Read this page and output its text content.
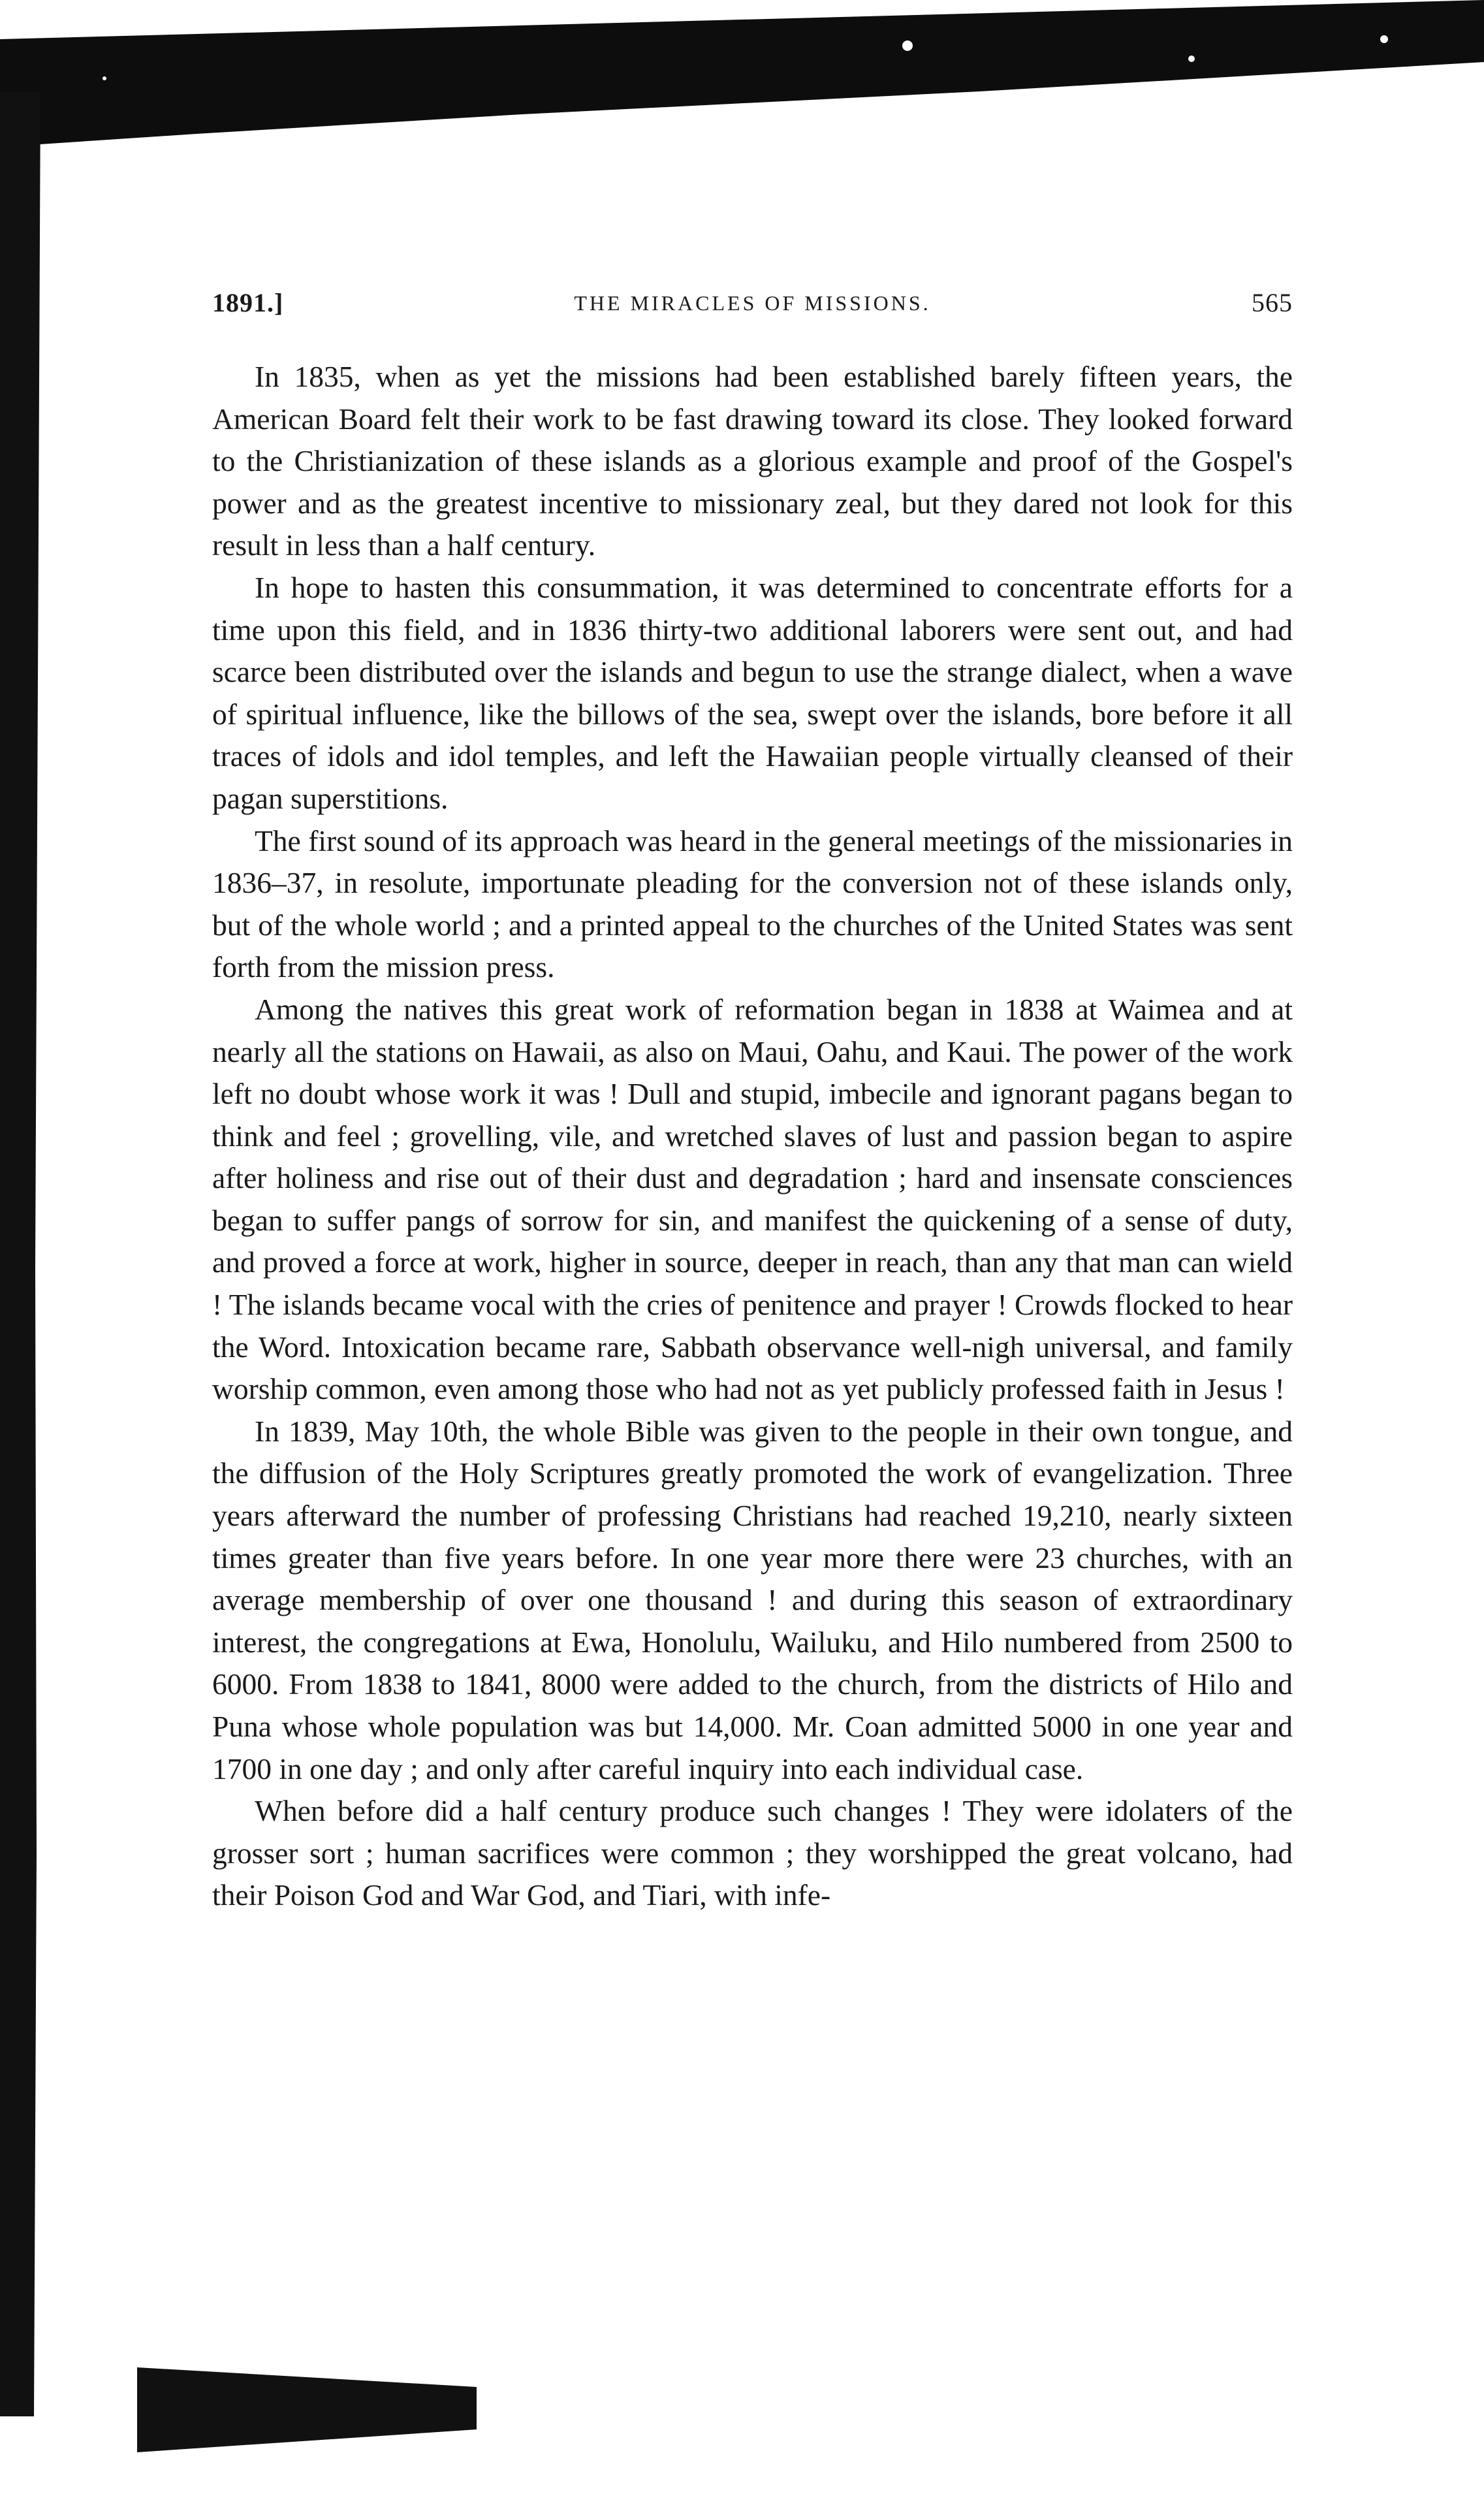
1891.]	THE MIRACLES OF MISSIONS.	565

In 1835, when as yet the missions had been established barely fifteen years, the American Board felt their work to be fast drawing toward its close. They looked forward to the Christianization of these islands as a glorious example and proof of the Gospel's power and as the greatest incentive to missionary zeal, but they dared not look for this result in less than a half century.

In hope to hasten this consummation, it was determined to concentrate efforts for a time upon this field, and in 1836 thirty-two additional laborers were sent out, and had scarce been distributed over the islands and begun to use the strange dialect, when a wave of spiritual influence, like the billows of the sea, swept over the islands, bore before it all traces of idols and idol temples, and left the Hawaiian people virtually cleansed of their pagan superstitions.

The first sound of its approach was heard in the general meetings of the missionaries in 1836–37, in resolute, importunate pleading for the conversion not of these islands only, but of the whole world ; and a printed appeal to the churches of the United States was sent forth from the mission press.

Among the natives this great work of reformation began in 1838 at Waimea and at nearly all the stations on Hawaii, as also on Maui, Oahu, and Kaui. The power of the work left no doubt whose work it was ! Dull and stupid, imbecile and ignorant pagans began to think and feel ; grovelling, vile, and wretched slaves of lust and passion began to aspire after holiness and rise out of their dust and degradation ; hard and insensate consciences began to suffer pangs of sorrow for sin, and manifest the quickening of a sense of duty, and proved a force at work, higher in source, deeper in reach, than any that man can wield ! The islands became vocal with the cries of penitence and prayer ! Crowds flocked to hear the Word. Intoxication became rare, Sabbath observance well-nigh universal, and family worship common, even among those who had not as yet publicly professed faith in Jesus !

In 1839, May 10th, the whole Bible was given to the people in their own tongue, and the diffusion of the Holy Scriptures greatly promoted the work of evangelization. Three years afterward the number of professing Christians had reached 19,210, nearly sixteen times greater than five years before. In one year more there were 23 churches, with an average membership of over one thousand ! and during this season of extraordinary interest, the congregations at Ewa, Honolulu, Wailuku, and Hilo numbered from 2500 to 6000. From 1838 to 1841, 8000 were added to the church, from the districts of Hilo and Puna whose whole population was but 14,000. Mr. Coan admitted 5000 in one year and 1700 in one day ; and only after careful inquiry into each individual case.

When before did a half century produce such changes ! They were idolaters of the grosser sort ; human sacrifices were common ; they worshipped the great volcano, had their Poison God and War God, and Tiari, with infe-
